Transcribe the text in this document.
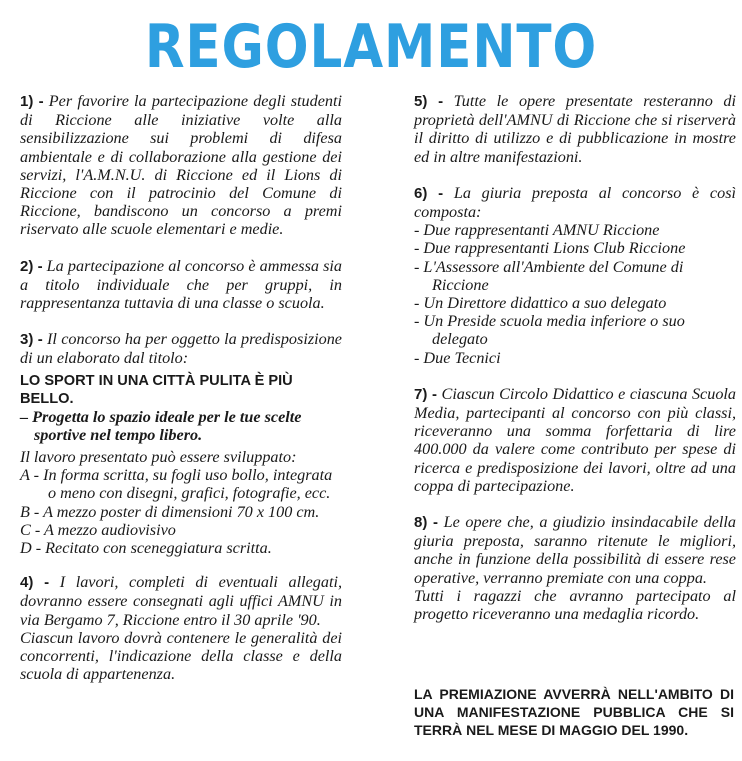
REGOLAMENTO

1) - Per favorire la partecipazione degli studenti di Riccione alle iniziative volte alla sensibilizzazione sui problemi di difesa ambientale e di collaborazione alla gestione dei servizi, l'A.M.N.U. di Riccione ed il Lions di Riccione con il patrocinio del Comune di Riccione, bandiscono un concorso a premi riservato alle scuole elementari e medie.

2) - La partecipazione al concorso è ammessa sia a titolo individuale che per gruppi, in rappresentanza tuttavia di una classe o scuola.

3) - Il concorso ha per oggetto la predisposizione di un elaborato dal titolo:

LO SPORT IN UNA CITTÀ PULITA È PIÙ BELLO.

– Progetta lo spazio ideale per le tue scelte sportive nel tempo libero.

Il lavoro presentato può essere sviluppato:

A - In forma scritta, su fogli uso bollo, integrata o meno con disegni, grafici, fotografie, ecc.
B - A mezzo poster di dimensioni 70 x 100 cm.
C - A mezzo audiovisivo
D - Recitato con sceneggiatura scritta.

4) - I lavori, completi di eventuali allegati, dovranno essere consegnati agli uffici AMNU in via Bergamo 7, Riccione entro il 30 aprile '90.

Ciascun lavoro dovrà contenere le generalità dei concorrenti, l'indicazione della classe e della scuola di appartenenza.

5) - Tutte le opere presentate resteranno di proprietà dell'AMNU di Riccione che si riserverà il diritto di utilizzo e di pubblicazione in mostre ed in altre manifestazioni.

6) - La giuria preposta al concorso è così composta:

- Due rappresentanti AMNU Riccione
- Due rappresentanti Lions Club Riccione
- L'Assessore all'Ambiente del Comune di Riccione
- Un Direttore didattico a suo delegato
- Un Preside scuola media inferiore o suo delegato
- Due Tecnici

7) - Ciascun Circolo Didattico e ciascuna Scuola Media, partecipanti al concorso con più classi, riceveranno una somma forfettaria di lire 400.000 da valere come contributo per spese di ricerca e predisposizione dei lavori, oltre ad una coppa di partecipazione.

8) - Le opere che, a giudizio insindacabile della giuria preposta, saranno ritenute le migliori, anche in funzione della possibilità di essere rese operative, verranno premiate con una coppa.

Tutti i ragazzi che avranno partecipato al progetto riceveranno una medaglia ricordo.

LA PREMIAZIONE AVVERRÀ NELL'AMBITO DI UNA MANIFESTAZIONE PUBBLICA CHE SI TERRÀ NEL MESE DI MAGGIO DEL 1990.
